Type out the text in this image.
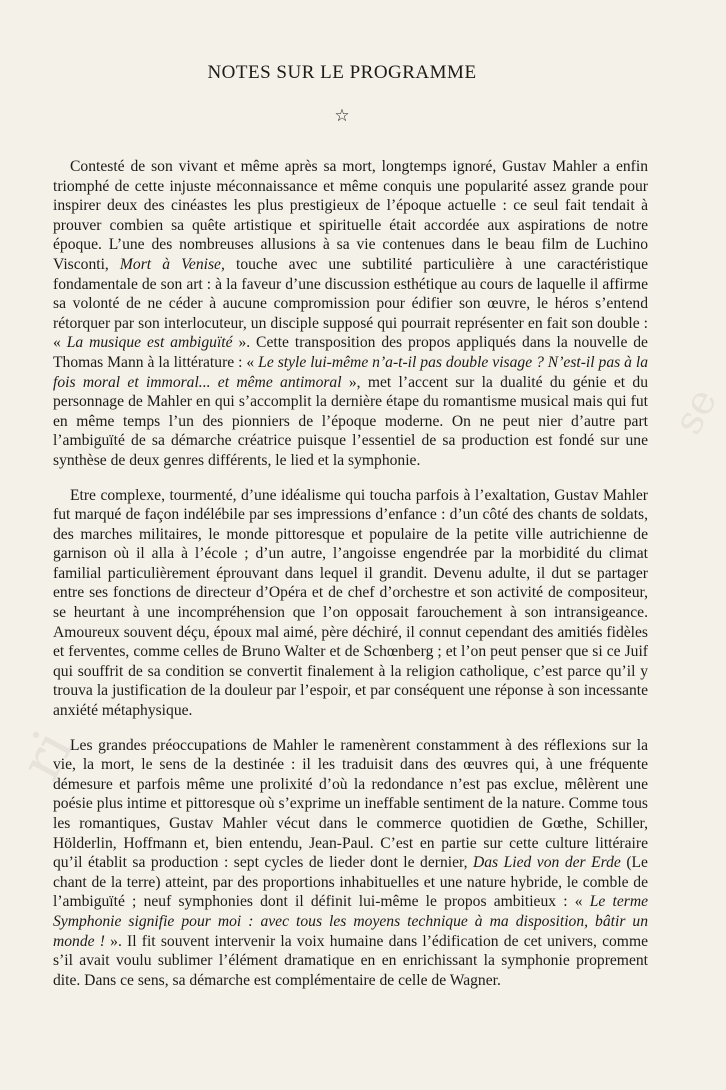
ri
se
NOTES SUR LE PROGRAMME
☆

Contesté de son vivant et même après sa mort, longtemps ignoré, Gustav Mahler a enfin triomphé de cette injuste méconnaissance et même conquis une popularité assez grande pour inspirer deux des cinéastes les plus prestigieux de l’époque actuelle : ce seul fait tendait à prouver combien sa quête artistique et spirituelle était accordée aux aspirations de notre époque. L’une des nombreuses allusions à sa vie contenues dans le beau film de Luchino Visconti, Mort à Venise, touche avec une subtilité particulière à une caractéristique fondamentale de son art : à la faveur d’une discussion esthétique au cours de laquelle il affirme sa volonté de ne céder à aucune compromission pour édifier son œuvre, le héros s’entend rétorquer par son interlocuteur, un disciple supposé qui pourrait représenter en fait son double : « La musique est ambiguïté ». Cette transposition des propos appliqués dans la nouvelle de Thomas Mann à la littérature : « Le style lui-même n’a-t-il pas double visage ? N’est-il pas à la fois moral et immoral... et même antimoral », met l’accent sur la dualité du génie et du personnage de Mahler en qui s’accomplit la dernière étape du romantisme musical mais qui fut en même temps l’un des pionniers de l’époque moderne. On ne peut nier d’autre part l’ambiguïté de sa démarche créatrice puisque l’essentiel de sa production est fondé sur une synthèse de deux genres différents, le lied et la symphonie.

Etre complexe, tourmenté, d’une idéalisme qui toucha parfois à l’exaltation, Gustav Mahler fut marqué de façon indélébile par ses impressions d’enfance : d’un côté des chants de soldats, des marches militaires, le monde pittoresque et populaire de la petite ville autrichienne de garnison où il alla à l’école ; d’un autre, l’angoisse engendrée par la morbidité du climat familial particulièrement éprouvant dans lequel il grandit. Devenu adulte, il dut se partager entre ses fonctions de directeur d’Opéra et de chef d’orchestre et son activité de compositeur, se heurtant à une incompréhension que l’on opposait farouchement à son intransigeance. Amoureux souvent déçu, époux mal aimé, père déchiré, il connut cependant des amitiés fidèles et ferventes, comme celles de Bruno Walter et de Schœnberg ; et l’on peut penser que si ce Juif qui souffrit de sa condition se convertit finalement à la religion catholique, c’est parce qu’il y trouva la justification de la douleur par l’espoir, et par conséquent une réponse à son incessante anxiété métaphysique.

Les grandes préoccupations de Mahler le ramenèrent constamment à des réflexions sur la vie, la mort, le sens de la destinée : il les traduisit dans des œuvres qui, à une fréquente démesure et parfois même une prolixité d’où la redondance n’est pas exclue, mêlèrent une poésie plus intime et pittoresque où s’exprime un ineffable sentiment de la nature. Comme tous les romantiques, Gustav Mahler vécut dans le commerce quotidien de Gœthe, Schiller, Hölderlin, Hoffmann et, bien entendu, Jean-Paul. C’est en partie sur cette culture littéraire qu’il établit sa production : sept cycles de lieder dont le dernier, Das Lied von der Erde (Le chant de la terre) atteint, par des proportions inhabituelles et une nature hybride, le comble de l’ambiguïté ; neuf symphonies dont il définit lui-même le propos ambitieux : « Le terme Symphonie signifie pour moi : avec tous les moyens technique à ma disposition, bâtir un monde ! ». Il fit souvent intervenir la voix humaine dans l’édification de cet univers, comme s’il avait voulu sublimer l’élément dramatique en en enrichissant la symphonie proprement dite. Dans ce sens, sa démarche est complémentaire de celle de Wagner.
